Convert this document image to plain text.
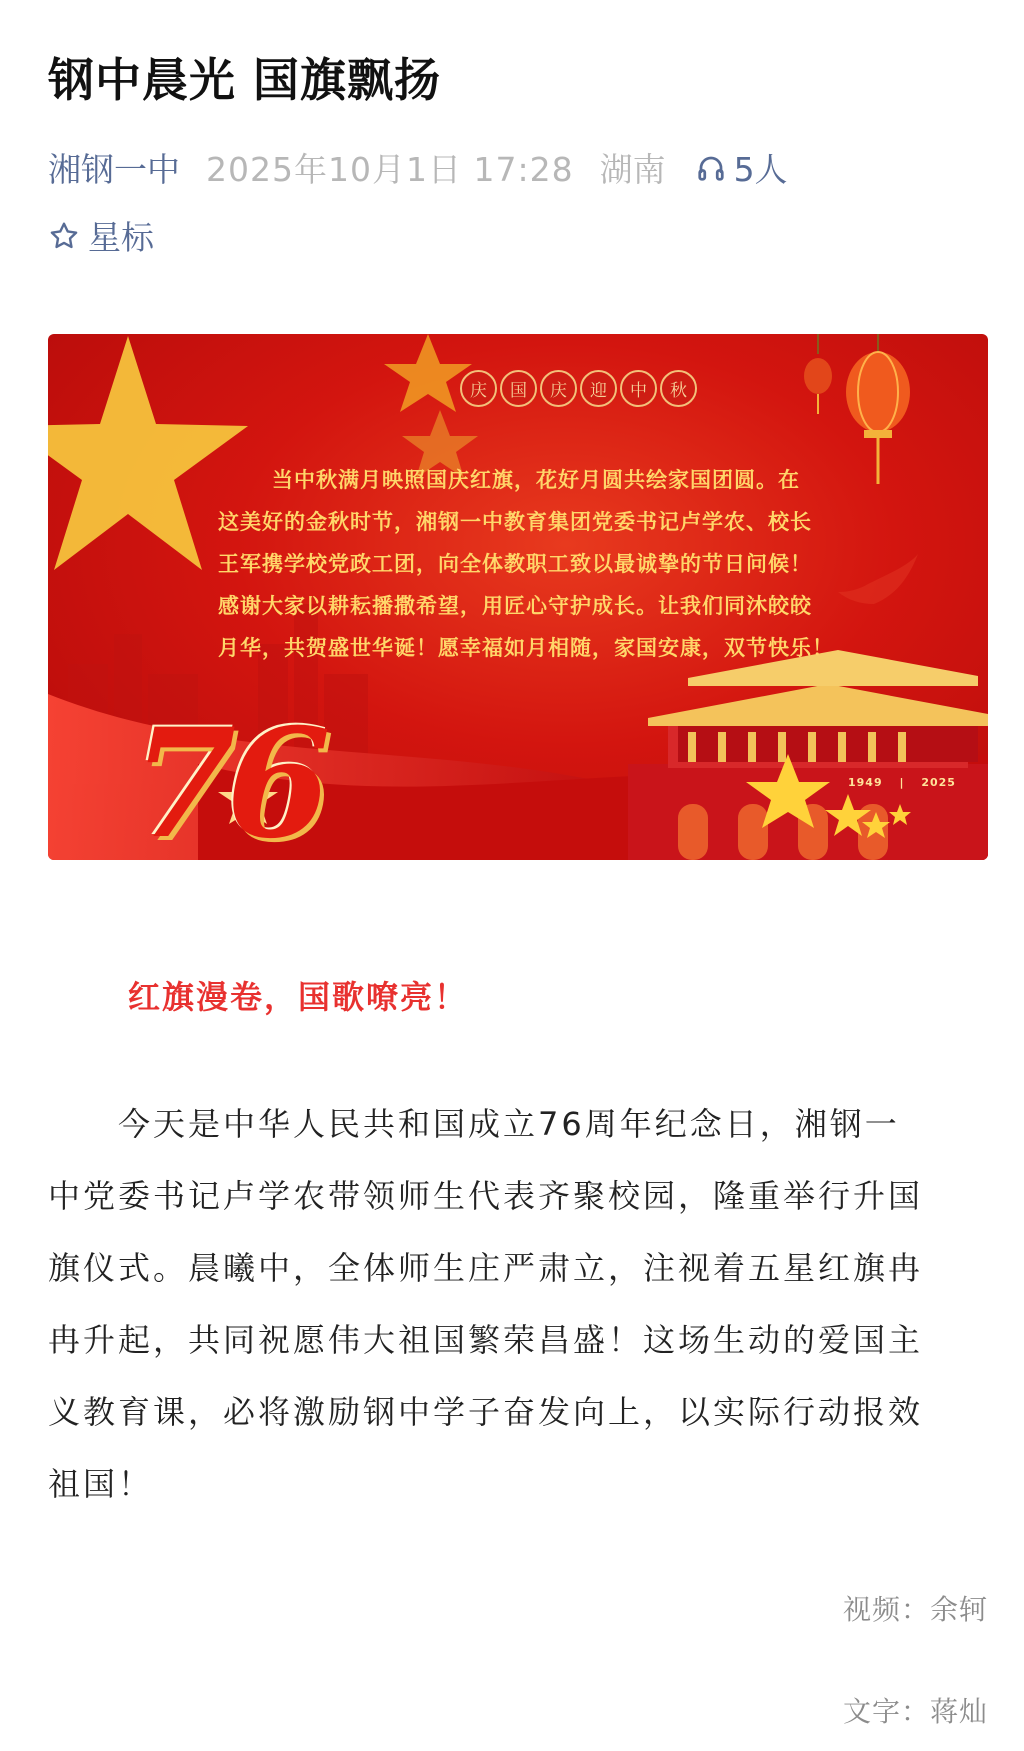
钢中晨光 国旗飘扬
湘钢一中 2025年10月1日 17:28 湖南 5人
星标
庆	国	庆	迎	中	秋

当中秋满月映照国庆红旗，花好月圆共绘家国团圆。在

这美好的金秋时节，湘钢一中教育集团党委书记卢学农、校长

王军携学校党政工团，向全体教职工致以最诚挚的节日问候！

感谢大家以耕耘播撒希望，用匠心守护成长。让我们同沐皎皎

月华，共贺盛世华诞！愿幸福如月相随，家国安康，双节快乐！

76	1949 | 2025
红旗漫卷，国歌嘹亮！
　　今天是中华人民共和国成立76周年纪念日，湘钢一
中党委书记卢学农带领师生代表齐聚校园，隆重举行升国
旗仪式。晨曦中，全体师生庄严肃立，注视着五星红旗冉
冉升起，共同祝愿伟大祖国繁荣昌盛！这场生动的爱国主
义教育课，必将激励钢中学子奋发向上，以实际行动报效
祖国！
视频：余轲
文字：蒋灿
